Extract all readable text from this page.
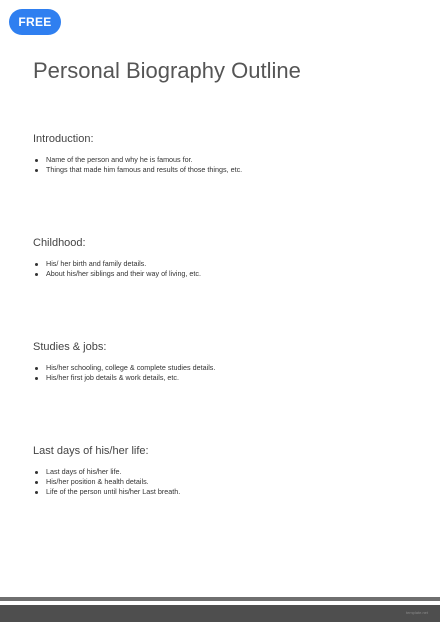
FREE
Personal Biography Outline
Introduction:
Name of the person and why he is famous for.
Things that made him famous and results of those things, etc.
Childhood:
His/ her birth and family details.
About his/her siblings and their way of living, etc.
Studies & jobs:
His/her schooling, college & complete studies details.
His/her first job details & work details, etc.
Last days of his/her life:
Last days of his/her life.
His/her position & health details.
Life of the person until his/her Last breath.
template.net
